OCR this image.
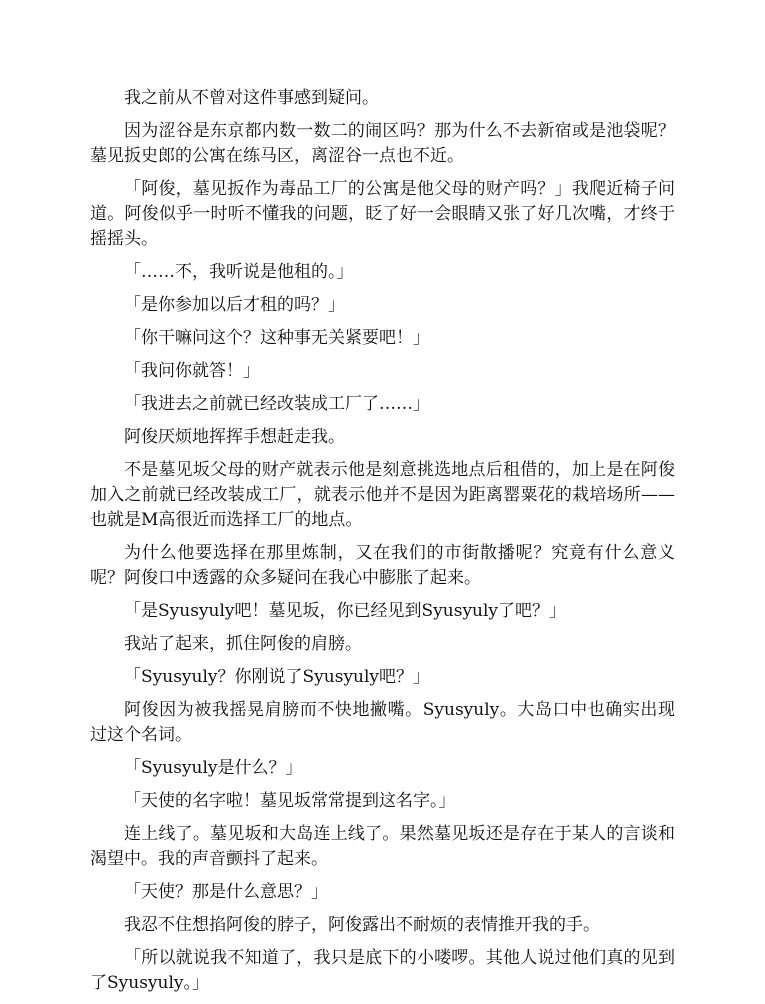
我之前从不曾对这件事感到疑问。

因为涩谷是东京都内数一数二的闹区吗？那为什么不去新宿或是池袋呢？墓见扳史郎的公寓在练马区，离涩谷一点也不近。

「阿俊，墓见扳作为毒品工厂的公寓是他父母的财产吗？」我爬近椅子问道。阿俊似乎一时听不懂我的问题，眨了好一会眼睛又张了好几次嘴，才终于摇摇头。

「……不，我听说是他租的。」

「是你参加以后才租的吗？」

「你干嘛问这个？这种事无关紧要吧！」

「我问你就答！」

「我进去之前就已经改装成工厂了……」

阿俊厌烦地挥挥手想赶走我。

不是墓见坂父母的财产就表示他是刻意挑选地点后租借的，加上是在阿俊加入之前就已经改装成工厂，就表示他并不是因为距离罂粟花的栽培场所——也就是M高很近而选择工厂的地点。

为什么他要选择在那里炼制，又在我们的市街散播呢？究竟有什么意义呢？阿俊口中透露的众多疑问在我心中膨胀了起来。

「是Syusyuly吧！墓见坂，你已经见到Syusyuly了吧？」

我站了起来，抓住阿俊的肩膀。

「Syusyuly？你刚说了Syusyuly吧？」

阿俊因为被我摇晃肩膀而不快地撇嘴。Syusyuly。大岛口中也确实出现过这个名词。

「Syusyuly是什么？」

「天使的名字啦！墓见坂常常提到这名字。」

连上线了。墓见坂和大岛连上线了。果然墓见坂还是存在于某人的言谈和渴望中。我的声音颤抖了起来。

「天使？那是什么意思？」

我忍不住想掐阿俊的脖子，阿俊露出不耐烦的表情推开我的手。

「所以就说我不知道了，我只是底下的小喽啰。其他人说过他们真的见到了Syusyuly。」
